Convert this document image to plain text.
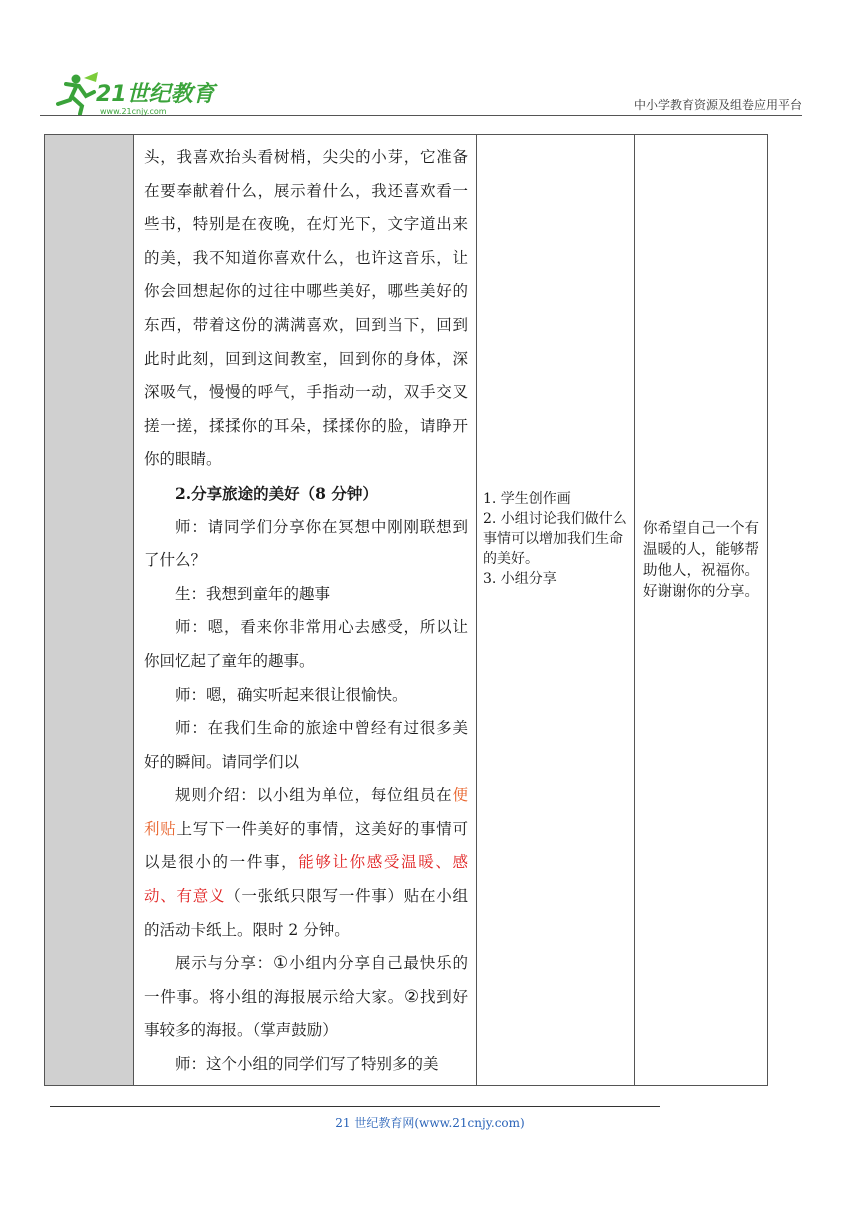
21世纪教育
www.21cnjy.com	中小学教育资源及组卷应用平台

头，我喜欢抬头看树梢，尖尖的小芽，它准备在要奉献着什么，展示着什么，我还喜欢看一些书，特别是在夜晚，在灯光下，文字道出来的美，我不知道你喜欢什么，也许这音乐，让你会回想起你的过往中哪些美好，哪些美好的东西，带着这份的满满喜欢，回到当下，回到此时此刻，回到这间教室，回到你的身体，深深吸气，慢慢的呼气，手指动一动，双手交叉搓一搓，揉揉你的耳朵，揉揉你的脸，请睁开你的眼睛。

2.分享旅途的美好（8 分钟）

师：请同学们分享你在冥想中刚刚联想到了什么？

生：我想到童年的趣事

师：嗯，看来你非常用心去感受，所以让你回忆起了童年的趣事。

师：嗯，确实听起来很让很愉快。

师：在我们生命的旅途中曾经有过很多美好的瞬间。请同学们以

规则介绍：以小组为单位，每位组员在便利贴上写下一件美好的事情，这美好的事情可以是很小的一件事，能够让你感受温暖、感动、有意义（一张纸只限写一件事）贴在小组的活动卡纸上。限时 2 分钟。

展示与分享：①小组内分享自己最快乐的一件事。将小组的海报展示给大家。②找到好事较多的海报。（掌声鼓励）

师：这个小组的同学们写了特别多的美

1. 学生创作画

2. 小组讨论我们做什么事情可以增加我们生命的美好。

3. 小组分享

你希望自己一个有温暖的人，能够帮助他人，祝福你。

好谢谢你的分享。

21 世纪教育网(www.21cnjy.com)
